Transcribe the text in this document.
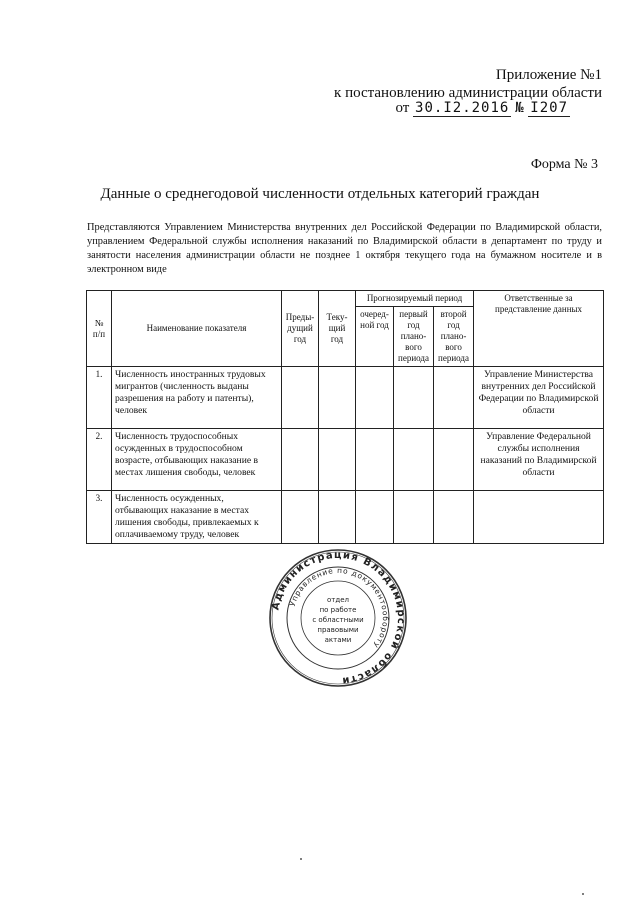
Приложение №1
к постановлению администрации области
от 30.I2.2016 № I207
Форма № 3
Данные о среднегодовой численности отдельных категорий граждан
Представляются Управлением Министерства внутренних дел Российской Федерации по Владимирской области, управлением Федеральной службы исполнения наказаний по Владимирской области в департамент по труду и занятости населения администрации области не позднее 1 октября текущего года на бумажном носителе и в электронном виде
№ п/п	Наименование показателя	Преды-дущий год	Теку-щий год	Прогнозируемый период			Ответственные за представление данных
				очеред-ной год	первый год плано-вого периода	второй год плано-вого периода	
1.	Численность иностранных трудовых мигрантов (численность выданы разрешения на работу и патенты), человек						Управление Министерства внутренних дел Российской Федерации по Владимирской области
2.	Численность трудоспособных осужденных в трудоспособном возрасте, отбывающих наказание в местах лишения свободы, человек						Управление Федеральной службы исполнения наказаний по Владимирской области
3.	Численность осужденных, отбывающих наказание в местах лишения свободы, привлекаемых к оплачиваемому труду, человек						
Администрация Владимирской области
Управление по документообороту
отдел
по работе
с областными
правовыми
актами
